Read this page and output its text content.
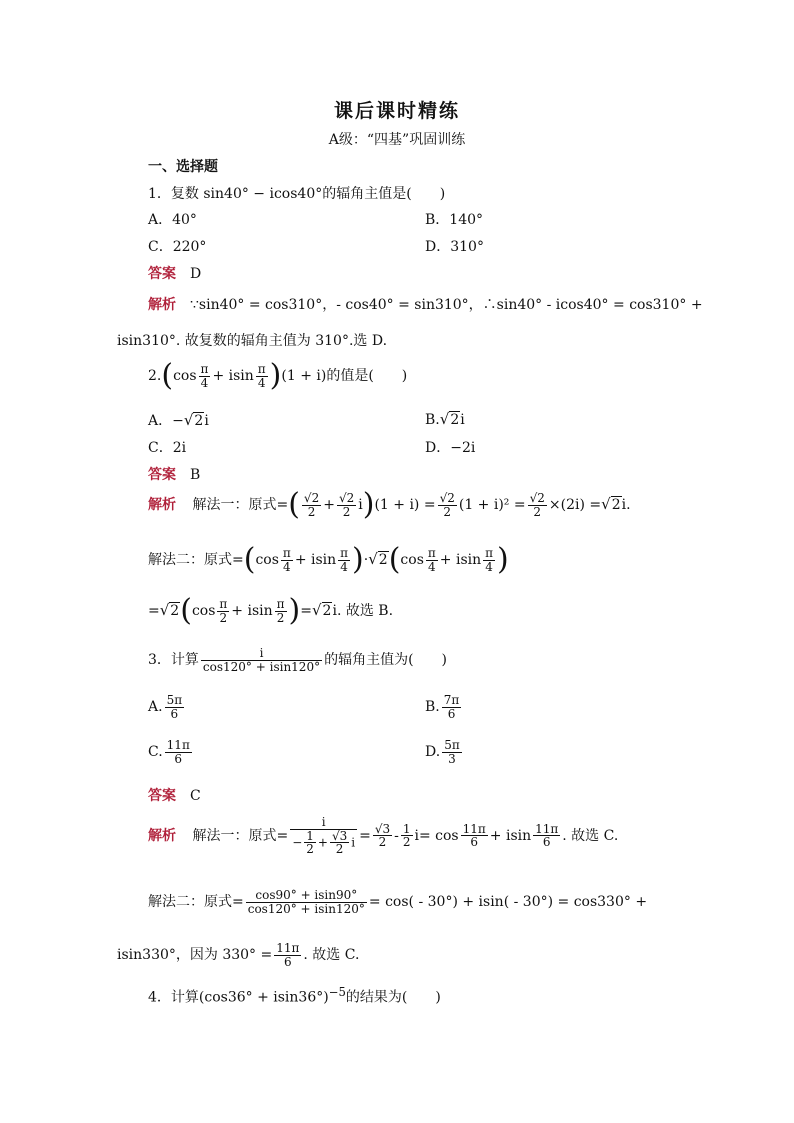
课后课时精练
A级：“四基”巩固训练
一、选择题
1．复数 sin40° − icos40°的辐角主值是(　　)
A．40°	B．140°
C．220°	D．310°
答案 D
解析 ∵sin40° = cos310°，- cos40° = sin310°，∴sin40° - icos40° = cos310° +
isin310°. 故复数的辐角主值为 310°.选 D.
$2.(\cos \frac{\pi}{4} + isin \frac{\pi}{4} )(1 + i)$的值是(　　)
A．−√2i	B.√2i
C．2i	D．−2i
答案 B
解析 解法一：原式=( $\frac{√2}{2} + \frac{√2}{2} i)(1 + i) = \frac{√2}{2} (1 + i)^2 = \frac{√2}{2} \times(2i) =√2i$.
解法二：原式$=(\cos \frac{\pi}{4} + isin \frac{\pi}{4} )\cdot√2(\cos \frac{\pi}{4} + isin \frac{\pi}{4}$ )
$=√2(\cos \frac{\pi}{2} + isin \frac{\pi}{2} )=√2i$. 故选 B.
3．计算 $\frac{i}{\cos 120^\circ + isin120^\circ}$ 的辐角主值为(　　)
A. $\frac{5\pi}{6}$	B. $\frac{7\pi}{6}$
C. $\frac{11\pi}{6}$	D. $\frac{5\pi}{3}$
答案 C
解析 解法一：原式= $\frac{i}{- \frac{1}{2} + \frac{√3}{2} i} = \frac{√3}{2} - \frac{1}{2} i= \cos \frac{11\pi}{6} + isin \frac{11\pi}{6}$ . 故选 C.
解法二：原式= $\frac{\cos 90^\circ + isin90^\circ}{\cos 120^\circ + isin120^\circ} = \cos( - 30^\circ) + isin( - 30^\circ) = \cos 330^\circ$ +
isin330°，因为 $330^\circ = \frac{11\pi}{6}$ . 故选 C.
4．计算$(\cos 36^\circ + isin36^\circ)^{-5}$的结果为(　　)
